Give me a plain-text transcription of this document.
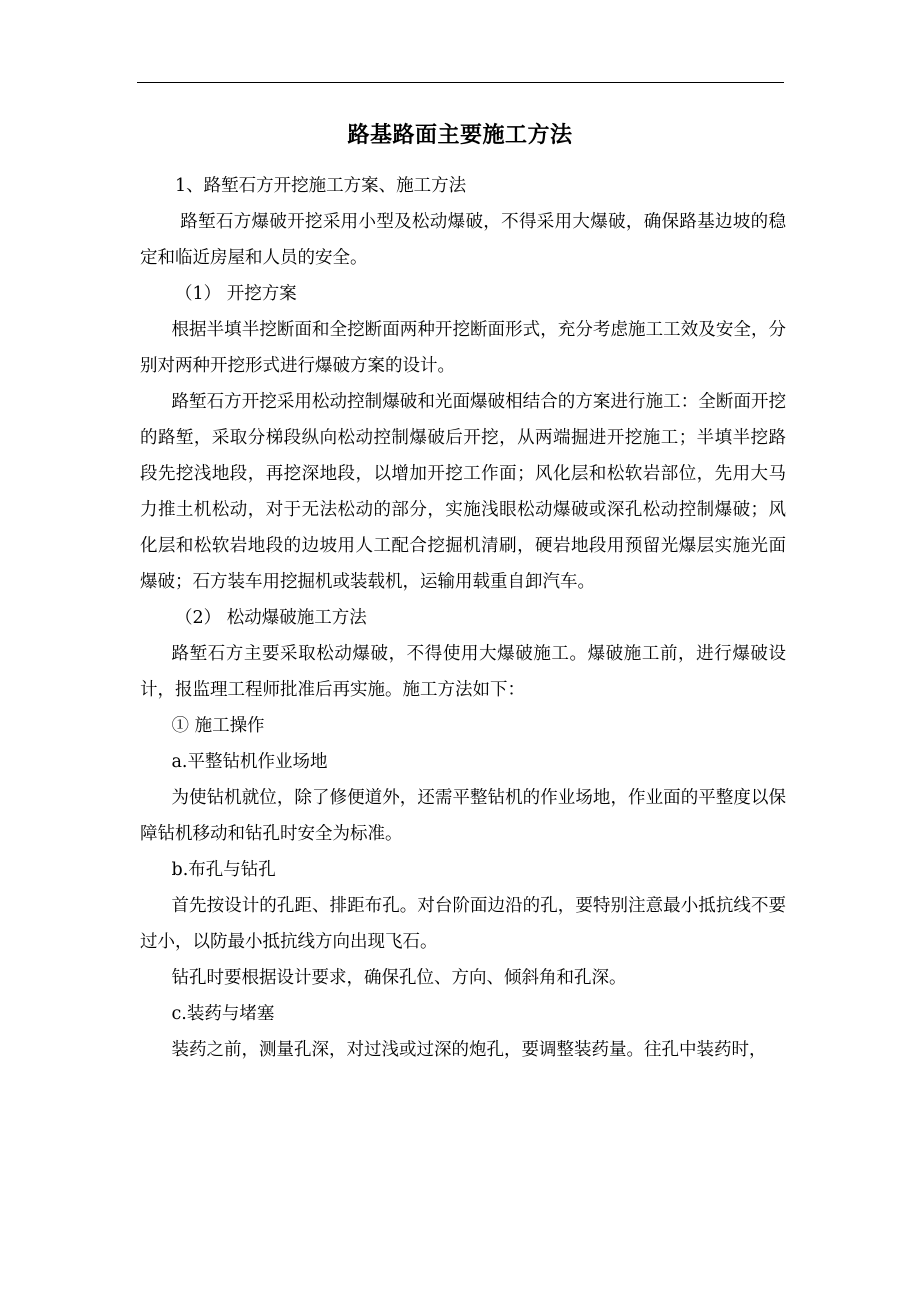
路基路面主要施工方法

1、路堑石方开挖施工方案、施工方法

路堑石方爆破开挖采用小型及松动爆破，不得采用大爆破，确保路基边坡的稳定和临近房屋和人员的安全。

（1） 开挖方案

根据半填半挖断面和全挖断面两种开挖断面形式，充分考虑施工工效及安全，分别对两种开挖形式进行爆破方案的设计。

路堑石方开挖采用松动控制爆破和光面爆破相结合的方案进行施工：全断面开挖的路堑，采取分梯段纵向松动控制爆破后开挖，从两端掘进开挖施工；半填半挖路段先挖浅地段，再挖深地段，以增加开挖工作面；风化层和松软岩部位，先用大马力推土机松动，对于无法松动的部分，实施浅眼松动爆破或深孔松动控制爆破；风化层和松软岩地段的边坡用人工配合挖掘机清刷，硬岩地段用预留光爆层实施光面爆破；石方装车用挖掘机或装载机，运输用载重自卸汽车。

（2） 松动爆破施工方法

路堑石方主要采取松动爆破，不得使用大爆破施工。爆破施工前，进行爆破设计，报监理工程师批准后再实施。施工方法如下：

① 施工操作

a.平整钻机作业场地

为使钻机就位，除了修便道外，还需平整钻机的作业场地，作业面的平整度以保障钻机移动和钻孔时安全为标准。

b.布孔与钻孔

首先按设计的孔距、排距布孔。对台阶面边沿的孔，要特别注意最小抵抗线不要过小，以防最小抵抗线方向出现飞石。

钻孔时要根据设计要求，确保孔位、方向、倾斜角和孔深。

c.装药与堵塞

装药之前，测量孔深，对过浅或过深的炮孔，要调整装药量。往孔中装药时，
